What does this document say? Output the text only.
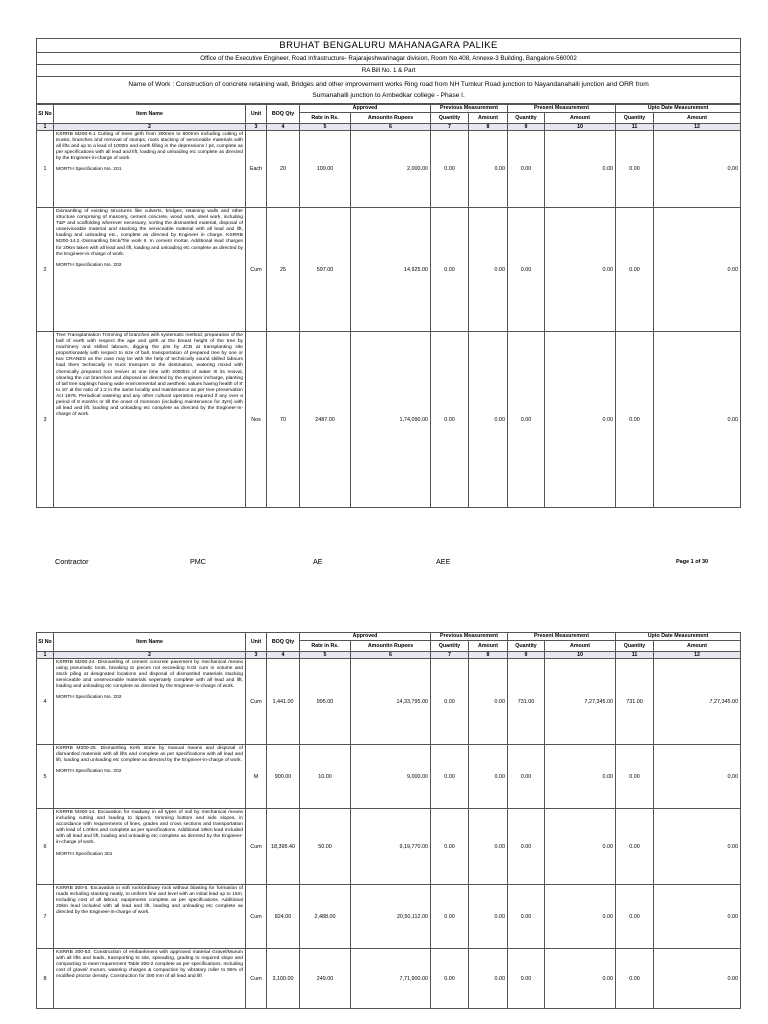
BRUHAT BENGALURU MAHANAGARA PALIKE
Office of the Executive Engineer, Road Infrastructure- Rajarajeshwarinagar division, Room No.408, Annexe-3 Building, Bangalore-560002
RA Bill No. 1 & Part
Name of Work : Construction of concrete retaining wall, Bridges and other improvement works Ring road from NH Tumkur Road junction to Nayandanahalli junction and ORR from
Sumanahalli junction to Ambedkar college - Phase I.
Sl No	Item Name	Unit	BOQ Qty	Approved		Previous Measurement		Present Measurement		Upto Date Measurement	
				Rate in Rs.	Amountin Rupees	Quantity	Amount	Quantity	Amount	Quantity	Amount
1	2	3	4	5	6	7	8	9	10	11	12
1	KSRRB M200-6.1 Cutting of trees girth from 300mm to 600mm including cutting of trunks, branches and removal of stumps, roots stacking of serviceable materials with all lifts and up to a lead of 1000m and earth filling in the depressions / pit, complete as per specifications with all lead and lift, loading and unloading etc complete as directed by the Engineer-in-charge of work.
MORTH Specification No. 201	Each	20	100.00	2,000.00	0.00	0.00	0.00	0.00	0.00	0.00
2	Dismantling of existing structures like culverts, bridges, retaining walls and other structure comprising of masonry, cement concrete, wood work, steel work, including T&P and scaffolding wherever necessary, sorting the dismantled material, disposal of unserviceable material and stacking the serviceable material with all lead and lift, loading and unloading etc., complete as directed by Engineer in charge. KSRRB M200-14.2.-Dismantling brick/Tile work II. In cement mortar. Additional lead charges for 20km taken with all lead and lift, loading and unloading etc complete as directed by the Engineer-in-charge of work.
MORTH Specification No. 202	Cum	25	597.00	14,925.00	0.00	0.00	0.00	0.00	0.00	0.00
3	Tree Transplantation Trimming of branches with systematic method, preparation of the ball of earth with respect the age and girth at the breast height of the tree by machinery and skilled labours, digging the pits by JCB at transplanting site proportionately with respect to size of ball, transportation of prepared tree by one or two CRANES as the case may be with the help of technically sound skilled labours load them technically in truck transport to the destination, watering mixed with chemically prepared root reviver at one time with 2000ltrs of water III its revival, clearing the cut branches and disposal as directed by the engineer incharge, planting of tall tree saplings having wide environmental and aesthetic values having health of 8' to 10' at the ratio of 1:2 in the same locality and maintenance as per tree preservation Act 1976. Periodical watering and any other cultural operation required if any over a period of 8 months or till the onset of monsoon (including maintenance for 3yrs) with all lead and lift, loading and unloading etc complete as directed by the Engineer-in-charge of work.	Nos	70	2487.00	1,74,090.00	0.00	0.00	0.00	0.00	0.00	0.00
Contractor	PMC	AE	AEE	Page 1 of 30
Sl No	Item Name	Unit	BOQ Qty	Approved		Previous Measurement		Present Measurement		Upto Date Measurement	
				Rate in Rs.	Amountin Rupees	Quantity	Amount	Quantity	Amount	Quantity	Amount
1	2	3	4	5	6	7	8	9	10	11	12
4	KSRRB M200-24. Dismantling of cement concrete pavement by mechanical means using pneumatic tools, breaking to pieces not exceeding 0.02 cum in volume and stock piling at designated locations and disposal of dismantled materials stacking serviceable and unserviceable materials seperately complete with all lead and lift, loading and unloading etc complete as directed by the Engineer-in-charge of work.
MORTH Specification No. 202	Cum	1,441.00	995.00	14,33,795.00	0.00	0.00	731.00	7,27,345.00	731.00	7,27,345.00
5	KSRRB M200-25. Dismantling Kerb stone by manual means and disposal of dismantled materials with all lifts and complete as per specifications with all lead and lift, loading and unloading etc complete as directed by the Engineer-in-charge of work.
MORTH Specification No. 202	M	900.00	10.00	9,000.00	0.00	0.00	0.00	0.00	0.00	0.00
6	KSRRB M300-14. Excavation for roadway in all types of soil by mechanical means including cutting and loading to tippers, trimming bottom and side slopes, in accordance with requirements of lines, grades and cross sections and transportation with lead of 1.00km and complete as per specifications. Additional 19km lead included with all lead and lift, loading and unloading etc complete as directed by the Engineer-in-charge of work.
MORTH Specification 301	Cum	18,395.40	50.00	9,19,770.00	0.00	0.00	0.00	0.00	0.00	0.00
7	KSRRB 300-5. Excavation in soft rock/ordinary rock without blasting for formation of roads including stacking neatly, to uniform line and level with an initial lead up to 15m. Including cost of all labour, equipments complete as per specifications. Additional 20km lead included with all lead and lift, loading and unloading etc complete as directed by the Engineer-in-charge of work.	Cum	824.00	2,488.00	20,50,112.00	0.00	0.00	0.00	0.00	0.00	0.00
8	KSRRB 300-53: Construction of embankment with approved material Gravel/Murum with all lifts and leads, transporting to site, spreading, grading to required slope and compacting to meet requirement Table 300-2 complete as per specifications. Including cost of gravel/ murum, watering charges & compaction by vibratory roller to 95% of modified proctor density. Construction for 300 mm of all lead and lift	Cum	3,100.00	249.00	7,71,900.00	0.00	0.00	0.00	0.00	0.00	0.00
